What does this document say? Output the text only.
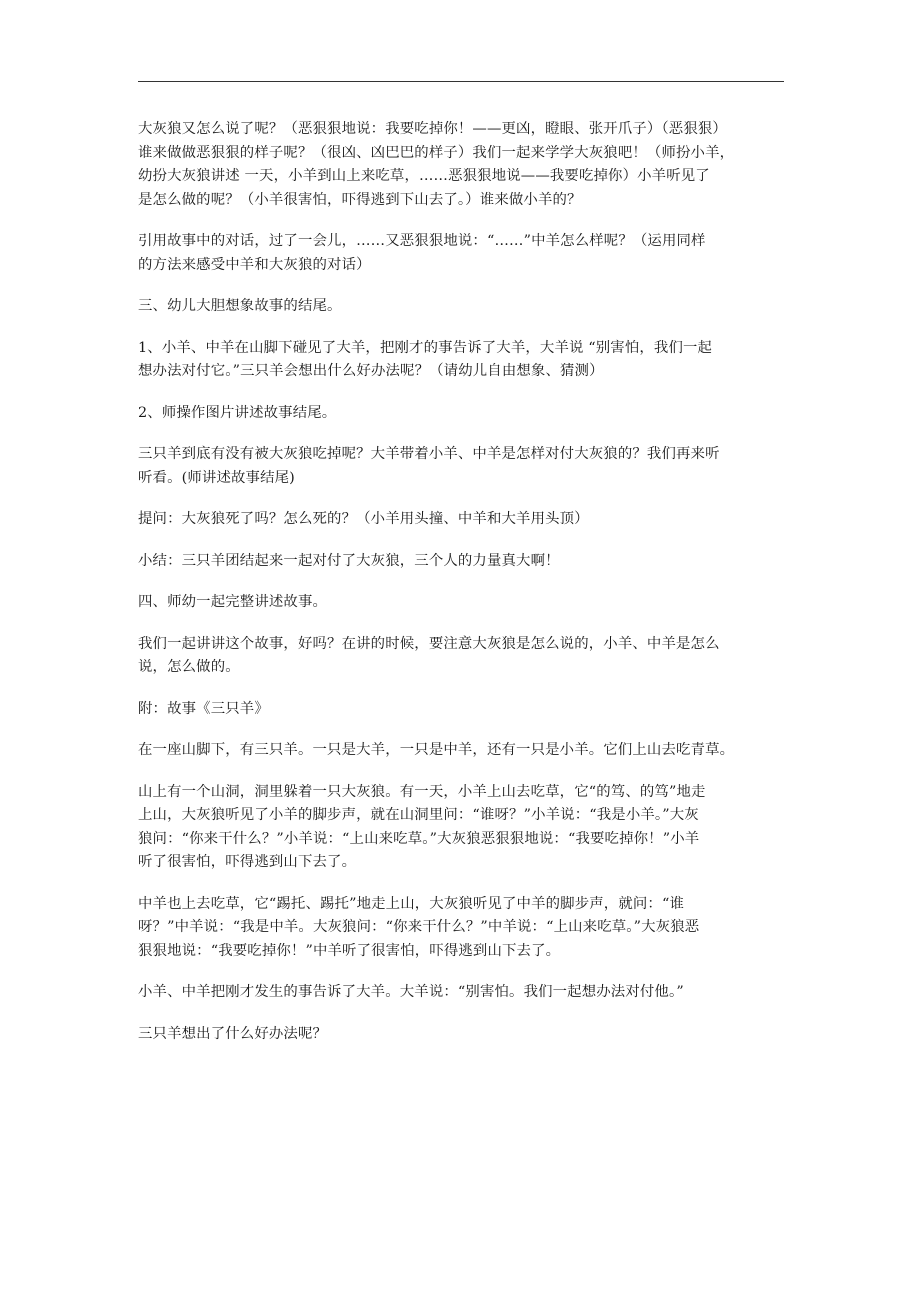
大灰狼又怎么说了呢？（恶狠狠地说：我要吃掉你！——更凶，瞪眼、张开爪子）（恶狠狠）
谁来做做恶狠狠的样子呢？（很凶、凶巴巴的样子）我们一起来学学大灰狼吧！（师扮小羊，
幼扮大灰狼讲述 一天，小羊到山上来吃草，……恶狠狠地说——我要吃掉你）小羊听见了
是怎么做的呢？（小羊很害怕，吓得逃到下山去了。）谁来做小羊的？

引用故事中的对话，过了一会儿，……又恶狠狠地说：“……”中羊怎么样呢？（运用同样
的方法来感受中羊和大灰狼的对话）

三、幼儿大胆想象故事的结尾。

1、小羊、中羊在山脚下碰见了大羊，把刚才的事告诉了大羊，大羊说 “别害怕，我们一起
想办法对付它。”三只羊会想出什么好办法呢？（请幼儿自由想象、猜测）

2、师操作图片讲述故事结尾。

三只羊到底有没有被大灰狼吃掉呢？大羊带着小羊、中羊是怎样对付大灰狼的？我们再来听
听看。(师讲述故事结尾)

提问：大灰狼死了吗？怎么死的？（小羊用头撞、中羊和大羊用头顶）

小结：三只羊团结起来一起对付了大灰狼，三个人的力量真大啊！

四、师幼一起完整讲述故事。

我们一起讲讲这个故事，好吗？在讲的时候，要注意大灰狼是怎么说的，小羊、中羊是怎么
说，怎么做的。

附：故事《三只羊》

在一座山脚下，有三只羊。一只是大羊，一只是中羊，还有一只是小羊。它们上山去吃青草。

山上有一个山洞，洞里躲着一只大灰狼。有一天，小羊上山去吃草，它“的笃、的笃”地走
上山，大灰狼听见了小羊的脚步声，就在山洞里问：“谁呀？”小羊说：“我是小羊。”大灰
狼问：“你来干什么？”小羊说：“上山来吃草。”大灰狼恶狠狠地说：“我要吃掉你！”小羊
听了很害怕，吓得逃到山下去了。

中羊也上去吃草，它“踢托、踢托”地走上山，大灰狼听见了中羊的脚步声，就问：“谁
呀？”中羊说：“我是中羊。大灰狼问：“你来干什么？”中羊说：“上山来吃草。”大灰狼恶
狠狠地说：“我要吃掉你！”中羊听了很害怕，吓得逃到山下去了。

小羊、中羊把刚才发生的事告诉了大羊。大羊说：“别害怕。我们一起想办法对付他。”

三只羊想出了什么好办法呢？
